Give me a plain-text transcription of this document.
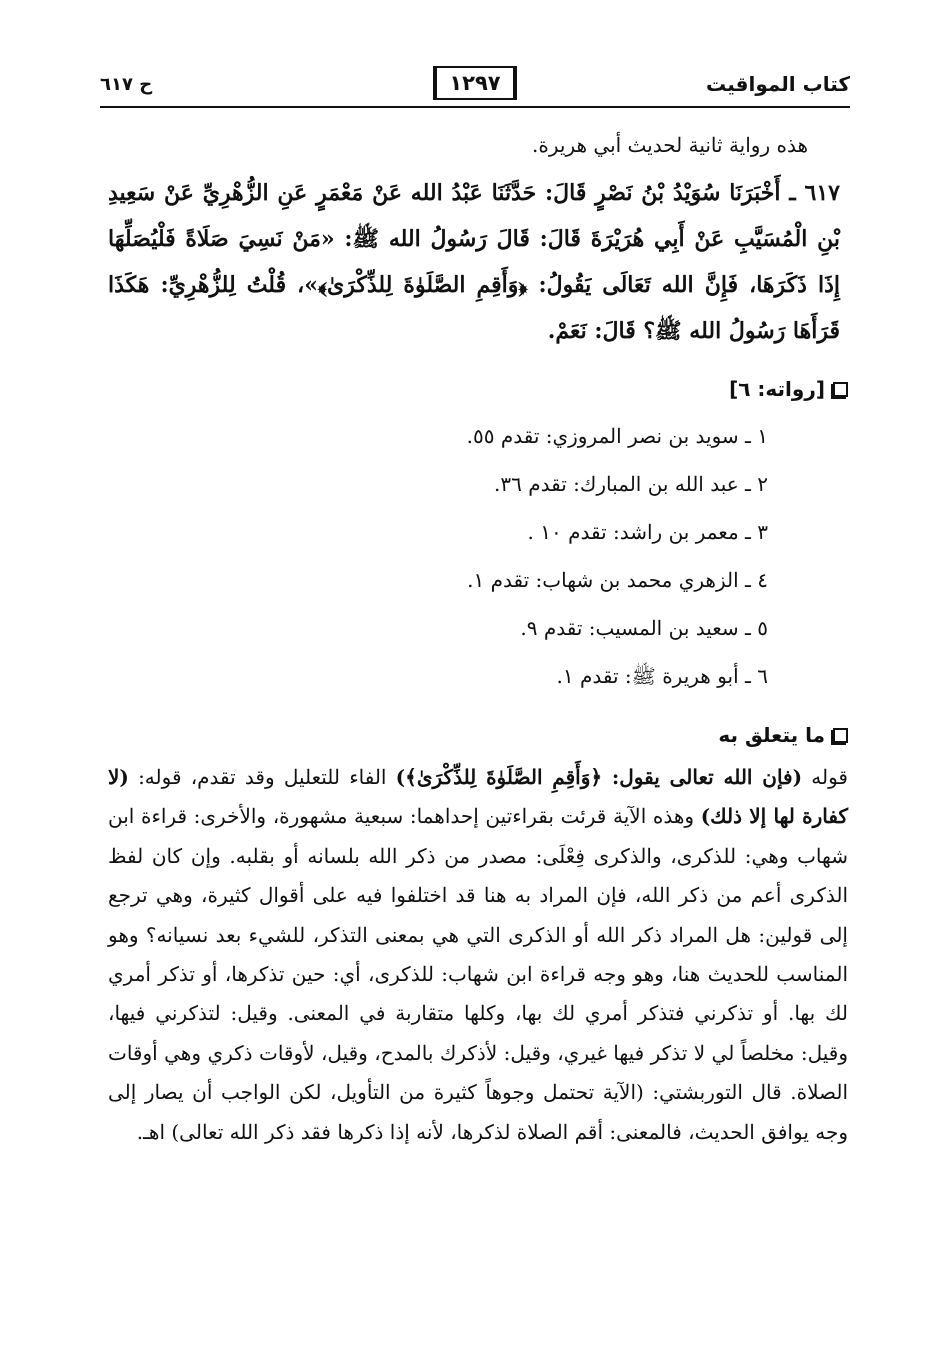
كتاب المواقيت
١٢٩٧
ح ٦١٧

هذه رواية ثانية لحديث أبي هريرة.

٦١٧ ـ أَخْبَرَنَا سُوَيْدُ بْنُ نَصْرٍ قَالَ: حَدَّثَنَا عَبْدُ الله عَنْ مَعْمَرٍ عَنِ الزُّهْرِيِّ عَنْ سَعِيدِ بْنِ الْمُسَيَّبِ عَنْ أَبِي هُرَيْرَةَ قَالَ: قَالَ رَسُولُ الله ﷺ: «مَنْ نَسِيَ صَلَاةً فَلْيُصَلِّهَا إِذَا ذَكَرَهَا، فَإِنَّ الله تَعَالَى يَقُولُ: ﴿وَأَقِمِ الصَّلَوٰةَ لِلذِّكْرَىٰ﴾»، قُلْتُ لِلزُّهْرِيِّ: هَكَذَا قَرَأَهَا رَسُولُ الله ﷺ؟ قَالَ: نَعَمْ.

[رواته: ٦]
١ ـ سويد بن نصر المروزي: تقدم ٥٥.
٢ ـ عبد الله بن المبارك: تقدم ٣٦.
٣ ـ معمر بن راشد: تقدم ١٠ .
٤ ـ الزهري محمد بن شهاب: تقدم ١.
٥ ـ سعيد بن المسيب: تقدم ٩.
٦ ـ أبو هريرة ﷺ: تقدم ١.
ما يتعلق به

قوله (فإن الله تعالى يقول: ﴿وَأَقِمِ الصَّلَوٰةَ لِلذِّكْرَىٰ﴾) الفاء للتعليل وقد تقدم، قوله: (لا كفارة لها إلا ذلك) وهذه الآية قرئت بقراءتين إحداهما: سبعية مشهورة، والأخرى: قراءة ابن شهاب وهي: للذكرى، والذكرى فِعْلَى: مصدر من ذكر الله بلسانه أو بقلبه. وإن كان لفظ الذكرى أعم من ذكر الله، فإن المراد به هنا قد اختلفوا فيه على أقوال كثيرة، وهي ترجع إلى قولين: هل المراد ذكر الله أو الذكرى التي هي بمعنى التذكر، للشيء بعد نسيانه؟ وهو المناسب للحديث هنا، وهو وجه قراءة ابن شهاب: للذكرى، أي: حين تذكرها، أو تذكر أمري لك بها. أو تذكرني فتذكر أمري لك بها، وكلها متقاربة في المعنى. وقيل: لتذكرني فيها، وقيل: مخلصاً لي لا تذكر فيها غيري، وقيل: لأذكرك بالمدح، وقيل، لأوقات ذكري وهي أوقات الصلاة. قال التوربشتي: (الآية تحتمل وجوهاً كثيرة من التأويل، لكن الواجب أن يصار إلى وجه يوافق الحديث، فالمعنى: أقم الصلاة لذكرها، لأنه إذا ذكرها فقد ذكر الله تعالى) اهـ.
